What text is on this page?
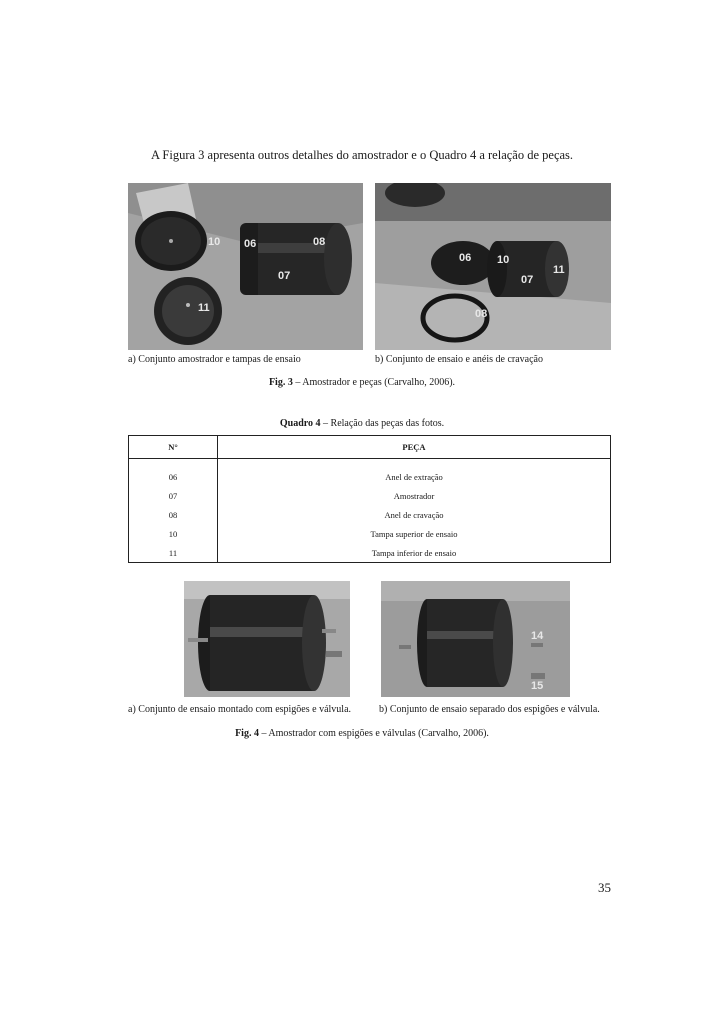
A Figura 3 apresenta outros detalhes do amostrador e o Quadro 4 a relação de peças.
10 06	08
07
11
06 10
11
07
08
a) Conjunto amostrador e tampas de ensaio	b) Conjunto de ensaio e anéis de cravação
Fig. 3 – Amostrador e peças (Carvalho, 2006).
Quadro 4 – Relação das peças das fotos.
N°	PEÇA

06	Anel de extração
07	Amostrador
08	Anel de cravação
10	Tampa superior de ensaio
11	Tampa inferior de ensaio
14
15
a) Conjunto de ensaio montado com espigões e válvula.	b) Conjunto de ensaio separado dos espigões e válvula.
Fig. 4 – Amostrador com espigões e válvulas (Carvalho, 2006).
35
